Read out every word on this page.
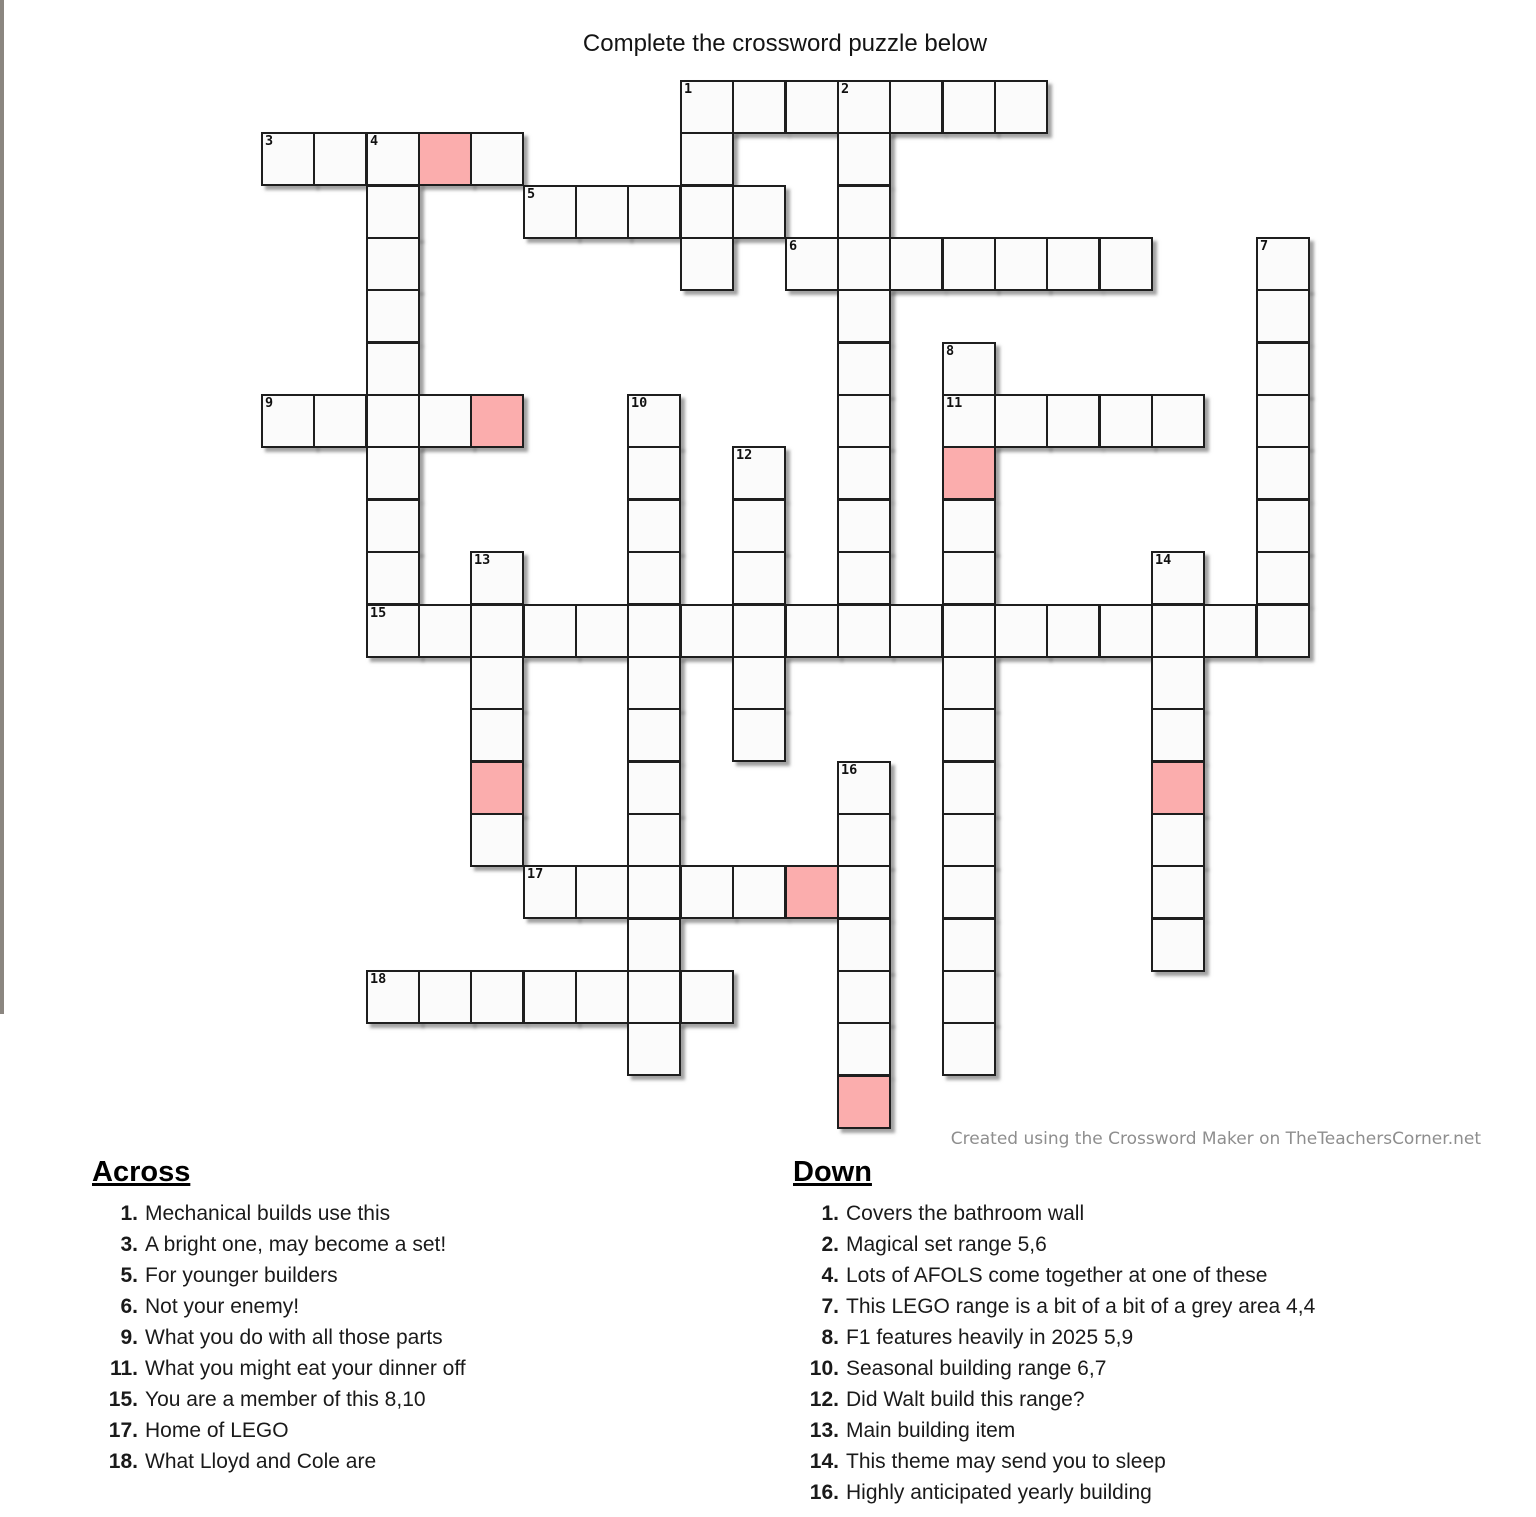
Complete the crossword puzzle below
1	2
3	4
5
6	7
8
9	10	11
12
13	14
15
16
17
18
Created using the Crossword Maker on TheTeachersCorner.net
Across
1. Mechanical builds use this
3. A bright one, may become a set!
5. For younger builders
6. Not your enemy!
9. What you do with all those parts
11. What you might eat your dinner off
15. You are a member of this 8,10
17. Home of LEGO
18. What Lloyd and Cole are
Down
1. Covers the bathroom wall
2. Magical set range 5,6
4. Lots of AFOLS come together at one of these
7. This LEGO range is a bit of a bit of a grey area 4,4
8. F1 features heavily in 2025 5,9
10. Seasonal building range 6,7
12. Did Walt build this range?
13. Main building item
14. This theme may send you to sleep
16. Highly anticipated yearly building
